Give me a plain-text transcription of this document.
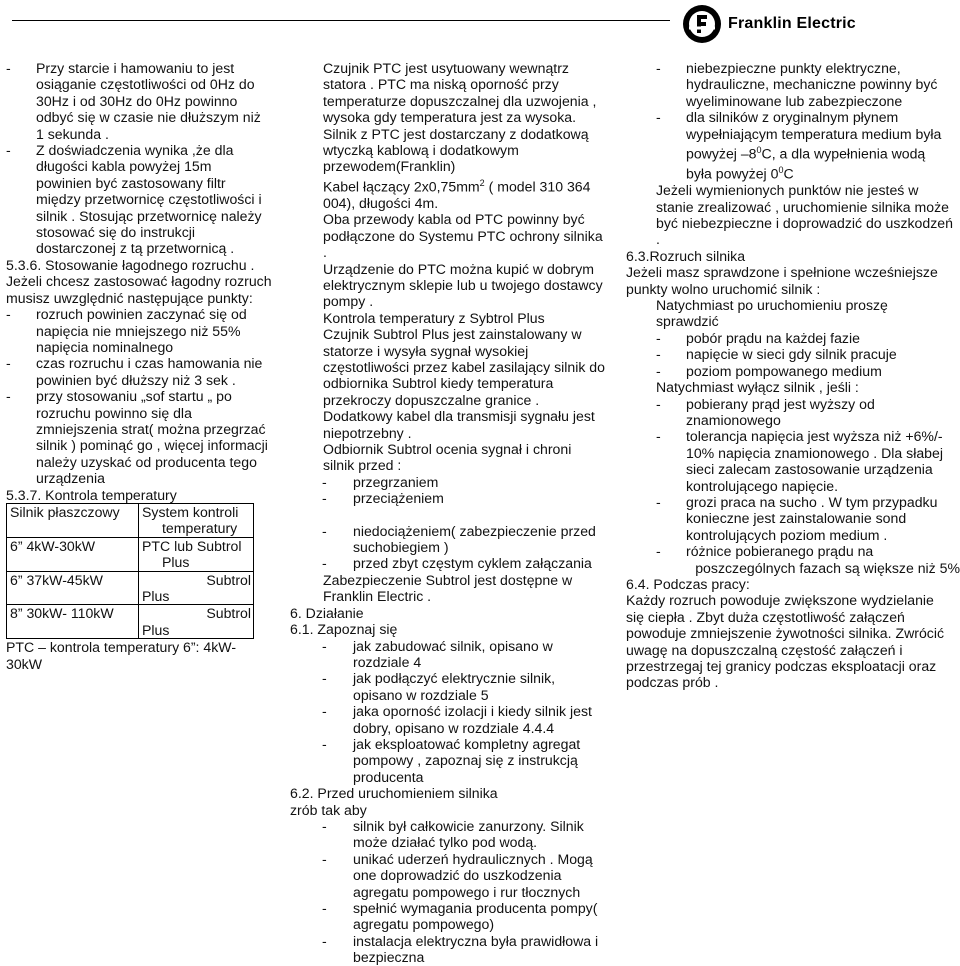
Franklin Electric
- Przy starcie i hamowaniu to jest
osiąganie częstotliwości od 0Hz do
30Hz i od 30Hz do 0Hz powinno
odbyć się w czasie nie dłuższym niż
1 sekunda .
- Z doświadczenia wynika ,że dla
długości kabla powyżej 15m
powinien być zastosowany filtr
między przetwornicę częstotliwości i
silnik . Stosując przetwornicę należy
stosować się do instrukcji
dostarczonej z tą przetwornicą .
5.3.6. Stosowanie łagodnego rozruchu .
Jeżeli chcesz zastosować łagodny rozruch
musisz uwzględnić następujące punkty:
- rozruch powinien zaczynać się od
napięcia nie mniejszego niż 55%
napięcia nominalnego
- czas rozruchu i czas hamowania nie
powinien być dłuższy niż 3 sek .
- przy stosowaniu „sof startu „ po
rozruchu powinno się dla
zmniejszenia strat( można przegrzać
silnik ) pominąć go , więcej informacji
należy uzyskać od producenta tego
urządzenia
5.3.7. Kontrola temperatury
Silnik płaszczowy	System kontroli
temperatury

6” 4kW-30kW	PTC lub Subtrol
Plus

6” 37kW-45kW	Subtrol
Plus

8” 30kW- 110kW	Subtrol
Plus
PTC – kontrola temperatury 6”: 4kW-
30kW
Czujnik PTC jest usytuowany wewnątrz
statora . PTC ma niską oporność przy
temperaturze dopuszczalnej dla uzwojenia ,
wysoka gdy temperatura jest za wysoka.
Silnik z PTC jest dostarczany z dodatkową
wtyczką kablową i dodatkowym
przewodem(Franklin)
Kabel łączący $2x0,75mm^2$ ( model 310 364
004), długości 4m.
Oba przewody kabla od PTC powinny być
podłączone do Systemu PTC ochrony silnika
.
Urządzenie do PTC można kupić w dobrym
elektrycznym sklepie lub u twojego dostawcy
pompy .
Kontrola temperatury z Sybtrol Plus
Czujnik Subtrol Plus jest zainstalowany w
statorze i wysyła sygnał wysokiej
częstotliwości przez kabel zasilający silnik do
odbiornika Subtrol kiedy temperatura
przekroczy dopuszczalne granice .
Dodatkowy kabel dla transmisji sygnału jest
niepotrzebny .
Odbiornik Subtrol ocenia sygnał i chroni
silnik przed :
- przegrzaniem
- przeciążeniem
- niedociążeniem( zabezpieczenie przed
suchobiegiem )
- przed zbyt częstym cyklem załączania
Zabezpieczenie Subtrol jest dostępne w
Franklin Electric .
6. Działanie
6.1. Zapoznaj się
- jak zabudować silnik, opisano w
rozdziale 4
- jak podłączyć elektrycznie silnik,
opisano w rozdziale 5
- jaka oporność izolacji i kiedy silnik jest
dobry, opisano w rozdziale 4.4.4
- jak eksploatować kompletny agregat
pompowy , zapoznaj się z instrukcją
producenta
6.2. Przed uruchomieniem silnika
zrób tak aby
- silnik był całkowicie zanurzony. Silnik
może działać tylko pod wodą.
- unikać uderzeń hydraulicznych . Mogą
one doprowadzić do uszkodzenia
agregatu pompowego i rur tłocznych
- spełnić wymagania producenta pompy(
agregatu pompowego)
- instalacja elektryczna była prawidłowa i
bezpieczna
- niebezpieczne punkty elektryczne,
hydrauliczne, mechaniczne powinny być
wyeliminowane lub zabezpieczone
- dla silników z oryginalnym płynem
wypełniającym temperatura medium była
powyżej $-8^0C$, a dla wypełnienia wodą
była powyżej $0^0C$
Jeżeli wymienionych punktów nie jesteś w
stanie zrealizować , uruchomienie silnika może
być niebezpieczne i doprowadzić do uszkodzeń
.
6.3.Rozruch silnika
Jeżeli masz sprawdzone i spełnione wcześniejsze
punkty wolno uruchomić silnik :
Natychmiast po uruchomieniu proszę
sprawdzić
- pobór prądu na każdej fazie
- napięcie w sieci gdy silnik pracuje
- poziom pompowanego medium
Natychmiast wyłącz silnik , jeśli :
- pobierany prąd jest wyższy od
znamionowego
- tolerancja napięcia jest wyższa niż +6%/-
10% napięcia znamionowego . Dla słabej
sieci zalecam zastosowanie urządzenia
kontrolującego napięcie.
- grozi praca na sucho . W tym przypadku
konieczne jest zainstalowanie sond
kontrolujących poziom medium .
- różnice pobieranego prądu na
poszczególnych fazach są większe niż 5%
6.4. Podczas pracy:
Każdy rozruch powoduje zwiększone wydzielanie
się ciepła . Zbyt duża częstotliwość załączeń
powoduje zmniejszenie żywotności silnika. Zwrócić
uwagę na dopuszczalną częstość załączeń i
przestrzegaj tej granicy podczas eksploatacji oraz
podczas prób .
